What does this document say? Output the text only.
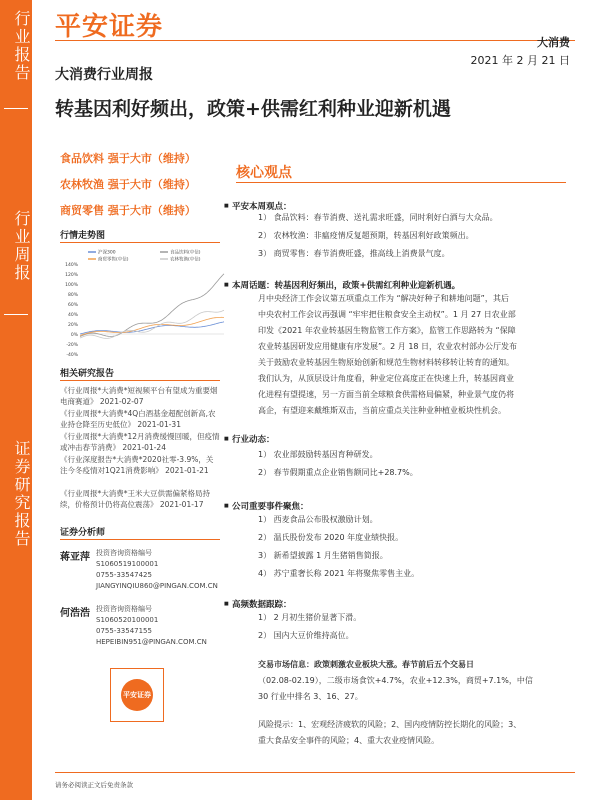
行业报告
行业周报
证券研究报告
平安证券
大消费
2021 年 2 月 21 日
大消费行业周报
转基因利好频出，政策+供需红利种业迎新机遇
食品饮料 强于大市（维持）
农林牧渔 强于大市（维持）
商贸零售 强于大市（维持）
行情走势图
140%
120%
100%
80%
60%
40%
20%
0%
-20%
-40%
沪深300	食品饮料(中信)
商贸零售(中信)	农林牧渔(中信)
相关研究报告
《行业周报*大消费*短视频平台有望成为重要烟电商赛道》 2021-02-07
《行业周报*大消费*4Q白酒基金超配创新高,农业持仓降至历史低位》 2021-01-31
《行业周报*大消费*12月消费缓慢回暖，但疫情或冲击春节消费》 2021-01-24
《行业深度报告*大消费*2020社零-3.9%，关注今冬疫情对1Q21消费影响》 2021-01-21
《行业周报*大消费*王米大豆供需偏紧格局持续，价格预计仍将高位震荡》 2021-01-17
证券分析师
蒋亚萍 投资咨询资格编号
S1060519100001
0755-33547425
JIANGYINQIU860@PINGAN.COM.CN
何浩浩 投资咨询资格编号
S1060520100001
0755-33547155
HEPEIBIN951@PINGAN.COM.CN
平安证券
核心观点
■ 平安本周观点：
1） 食品饮料：春节消费、送礼需求旺盛，同时利好白酒与大众品。
2） 农林牧渔：非瘟疫情反复超预期，转基因利好政策频出。
3） 商贸零售：春节消费旺盛，推高线上消费景气度。
■ 本周话题：转基因利好频出，政策+供需红利种业迎新机遇。
月中央经济工作会议第五项重点工作为 “解决好种子和耕地问题”，其后
中央农村工作会议再强调 “牢牢把住粮食安全主动权”。1 月 27 日农业部
印发《2021 年农业转基因生物监管工作方案》，监管工作思路转为 “保障
农业转基因研发应用健康有序发展”。2 月 18 日，农业农村部办公厅发布
关于鼓励农业转基因生物原始创新和规范生物材料转移转让转育的通知。
我们认为，从顶层设计角度看，种业定位高度正在快速上升，转基因商业
化进程有望提速，另一方面当前全球粮食供需格局偏紧，种业景气度仍将
高企，有望迎来戴维斯双击，当前应重点关注种业种植业板块性机会。
■ 行业动态：
1） 农业部鼓励转基因育种研发。
2） 春节假期重点企业销售额同比+28.7%。
■ 公司重要事件聚焦：
1） 西麦食品公布股权激励计划。
2） 温氏股份发布 2020 年度业绩快报。
3） 新希望披露 1 月生猪销售简报。
4） 苏宁重奢长称 2021 年将聚焦零售主业。
■ 高频数据跟踪：
1） 2 月初生猪价显著下滑。
2） 国内大豆价维持高位。
交易市场信息：政策刺激农业板块大涨。春节前后五个交易日
（02.08-02.19），二级市场食饮+4.7%，农业+12.3%，商贸+7.1%，中信
30 行业中排名 3、16、27。
风险提示：1、宏观经济疲软的风险；2、国内疫情防控长期化的风险；3、
重大食品安全事件的风险；4、重大农业疫情风险。
请务必阅读正文后免责条款
